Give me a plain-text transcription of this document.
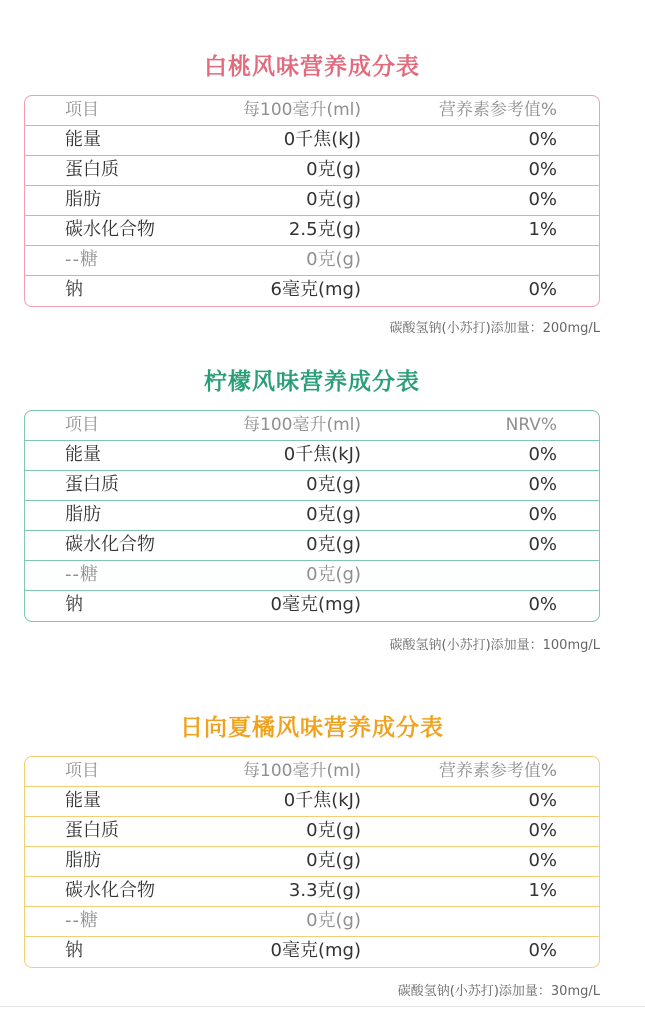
白桃风味营养成分表
项目	每100毫升(ml)	营养素参考值%
能量	0千焦(kJ)	0%
蛋白质	0克(g)	0%
脂肪	0克(g)	0%
碳水化合物	2.5克(g)	1%
--糖	0克(g)
钠	6毫克(mg)	0%
碳酸氢钠(小苏打)添加量：200mg/L
柠檬风味营养成分表
项目	每100毫升(ml)	NRV%
能量	0千焦(kJ)	0%
蛋白质	0克(g)	0%
脂肪	0克(g)	0%
碳水化合物	0克(g)	0%
--糖	0克(g)
钠	0毫克(mg)	0%
碳酸氢钠(小苏打)添加量：100mg/L
日向夏橘风味营养成分表
项目	每100毫升(ml)	营养素参考值%
能量	0千焦(kJ)	0%
蛋白质	0克(g)	0%
脂肪	0克(g)	0%
碳水化合物	3.3克(g)	1%
--糖	0克(g)
钠	0毫克(mg)	0%
碳酸氢钠(小苏打)添加量：30mg/L
